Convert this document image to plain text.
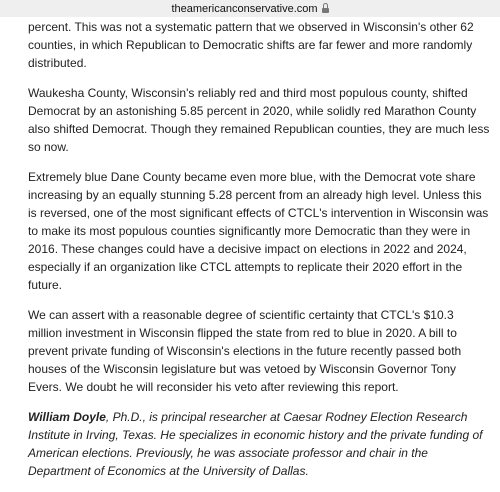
theamericanconservative.com

percent. This was not a systematic pattern that we observed in Wisconsin's other 62 counties, in which Republican to Democratic shifts are far fewer and more randomly distributed.

Waukesha County, Wisconsin's reliably red and third most populous county, shifted Democrat by an astonishing 5.85 percent in 2020, while solidly red Marathon County also shifted Democrat. Though they remained Republican counties, they are much less so now.

Extremely blue Dane County became even more blue, with the Democrat vote share increasing by an equally stunning 5.28 percent from an already high level. Unless this is reversed, one of the most significant effects of CTCL's intervention in Wisconsin was to make its most populous counties significantly more Democratic than they were in 2016. These changes could have a decisive impact on elections in 2022 and 2024, especially if an organization like CTCL attempts to replicate their 2020 effort in the future.

We can assert with a reasonable degree of scientific certainty that CTCL's $10.3 million investment in Wisconsin flipped the state from red to blue in 2020. A bill to prevent private funding of Wisconsin's elections in the future recently passed both houses of the Wisconsin legislature but was vetoed by Wisconsin Governor Tony Evers. We doubt he will reconsider his veto after reviewing this report.

William Doyle, Ph.D., is principal researcher at Caesar Rodney Election Research Institute in Irving, Texas. He specializes in economic history and the private funding of American elections. Previously, he was associate professor and chair in the Department of Economics at the University of Dallas.
